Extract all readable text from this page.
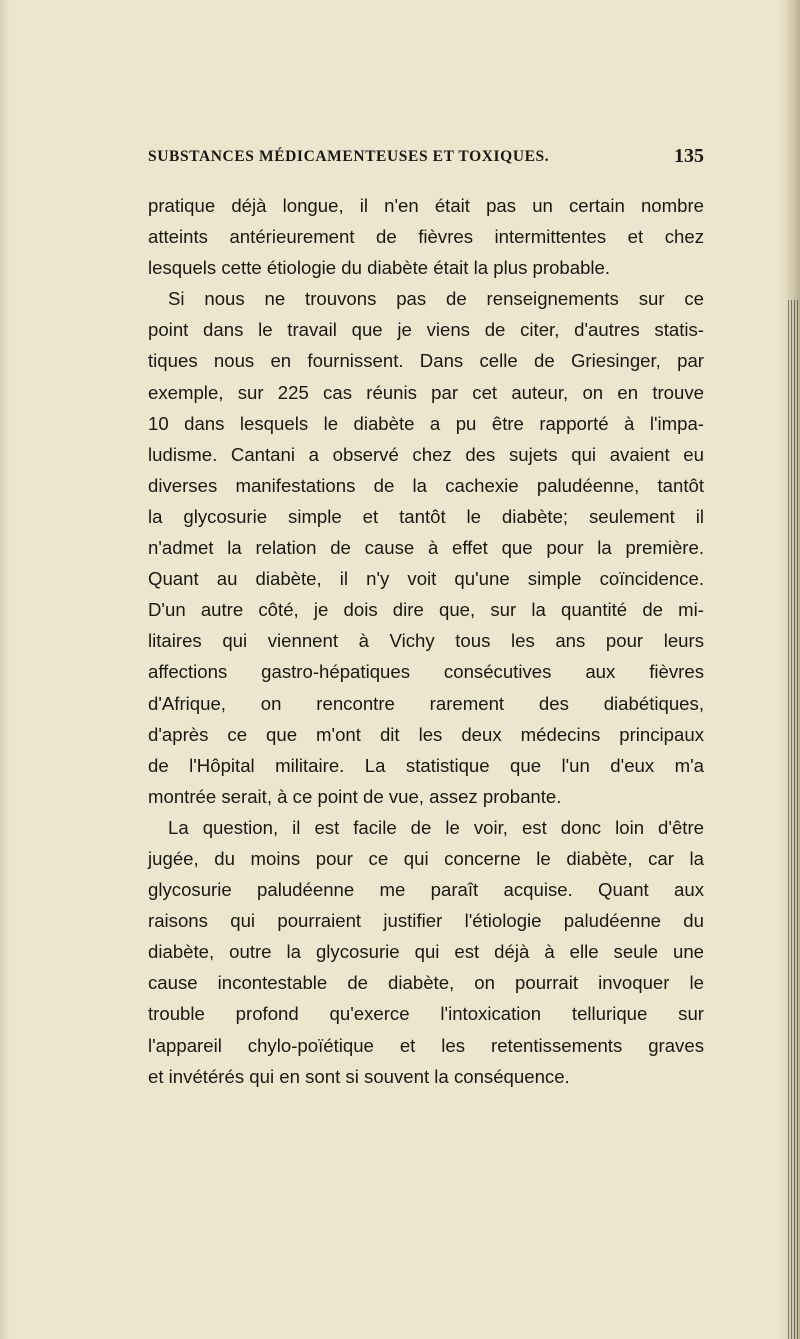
SUBSTANCES MÉDICAMENTEUSES ET TOXIQUES.	135
pratique déjà longue, il n'en était pas un certain nombre
atteints antérieurement de fièvres intermittentes et chez
lesquels cette étiologie du diabète était la plus probable.
Si nous ne trouvons pas de renseignements sur ce
point dans le travail que je viens de citer, d'autres statis-
tiques nous en fournissent. Dans celle de Griesinger, par
exemple, sur 225 cas réunis par cet auteur, on en trouve
10 dans lesquels le diabète a pu être rapporté à l'impa-
ludisme. Cantani a observé chez des sujets qui avaient eu
diverses manifestations de la cachexie paludéenne, tantôt
la glycosurie simple et tantôt le diabète; seulement il
n'admet la relation de cause à effet que pour la première.
Quant au diabète, il n'y voit qu'une simple coïncidence.
D'un autre côté, je dois dire que, sur la quantité de mi-
litaires qui viennent à Vichy tous les ans pour leurs
affections gastro-hépatiques consécutives aux fièvres
d'Afrique, on rencontre rarement des diabétiques,
d'après ce que m'ont dit les deux médecins principaux
de l'Hôpital militaire. La statistique que l'un d'eux m'a
montrée serait, à ce point de vue, assez probante.
La question, il est facile de le voir, est donc loin d'être
jugée, du moins pour ce qui concerne le diabète, car la
glycosurie paludéenne me paraît acquise. Quant aux
raisons qui pourraient justifier l'étiologie paludéenne du
diabète, outre la glycosurie qui est déjà à elle seule une
cause incontestable de diabète, on pourrait invoquer le
trouble profond qu'exerce l'intoxication tellurique sur
l'appareil chylo-poïétique et les retentissements graves
et invétérés qui en sont si souvent la conséquence.
